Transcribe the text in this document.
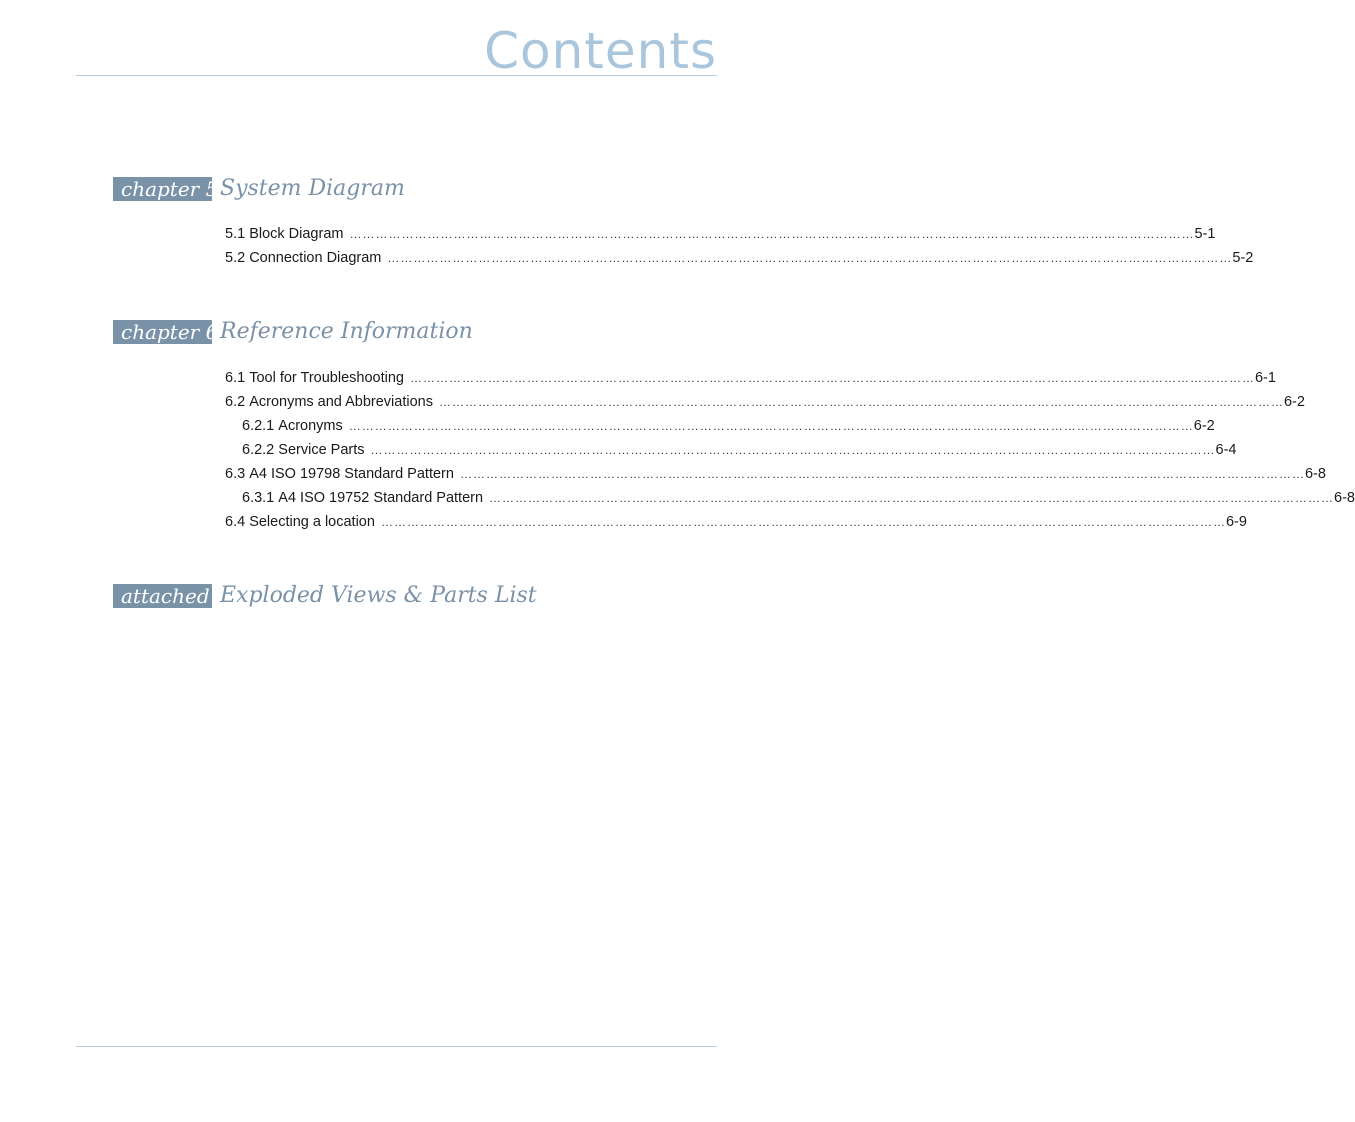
Contents
chapter 5 System Diagram
5.1 Block Diagram …………………………………………………………………………………………………………………………………………………………………………… 5-1
5.2 Connection Diagram …………………………………………………………………………………………………………………………………………………………………………… 5-2
chapter 6 Reference Information
6.1 Tool for Troubleshooting …………………………………………………………………………………………………………………………………………………………………………… 6-1
6.2 Acronyms and Abbreviations …………………………………………………………………………………………………………………………………………………………………………… 6-2
6.2.1 Acronyms …………………………………………………………………………………………………………………………………………………………………………… 6-2
6.2.2 Service Parts …………………………………………………………………………………………………………………………………………………………………………… 6-4
6.3 A4 ISO 19798 Standard Pattern …………………………………………………………………………………………………………………………………………………………………………… 6-8
6.3.1 A4 ISO 19752 Standard Pattern …………………………………………………………………………………………………………………………………………………………………………… 6-8
6.4 Selecting a location …………………………………………………………………………………………………………………………………………………………………………… 6-9
attached Exploded Views & Parts List
